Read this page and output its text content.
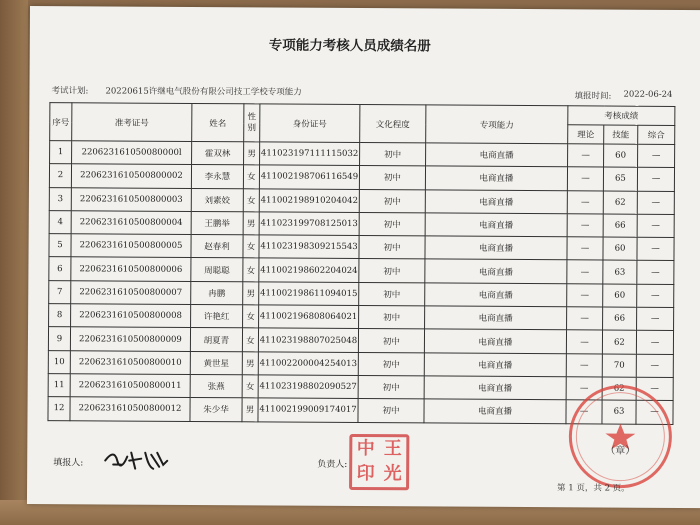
专项能力考核人员成绩名册
考试计划: 20220615许继电气股份有限公司技工学校专项能力	填报时间: 2022-06-24
序号	准考证号	姓名	性别	身份证号	文化程度	专项能力	考核成绩		
							理论	技能	综合
1	220623161050080000l	霍双林	男	411023197111115032	初中	电商直播	—	60	—
2	2206231610500800002	李永慧	女	411002198706116549	初中	电商直播	—	65	—
3	2206231610500800003	刘素姣	女	411002198910204042	初中	电商直播	—	62	—
4	2206231610500800004	王鹏举	男	411023199708125013	初中	电商直播	—	66	—
5	2206231610500800005	赵春利	女	411023198309215543	初中	电商直播	—	60	—
6	2206231610500800006	周聪聪	女	411002198602204024	初中	电商直播	—	63	—
7	2206231610500800007	冉鹏	男	411002198611094015	初中	电商直播	—	60	—
8	2206231610500800008	许艳红	女	411002196808064021	初中	电商直播	—	66	—
9	2206231610500800009	胡夏青	女	411023198807025048	初中	电商直播	—	62	—
10	2206231610500800010	黄世星	男	411002200004254013	初中	电商直播	—	70	—
11	2206231610500800011	张燕	女	411023198802090527	初中	电商直播	—	62	—
12	2206231610500800012	朱少华	男	411002199009174017	初中	电商直播	—	63	—
填报人:	负责人:
中 王
印 光
（章）
第 1 页，共 2 页。
